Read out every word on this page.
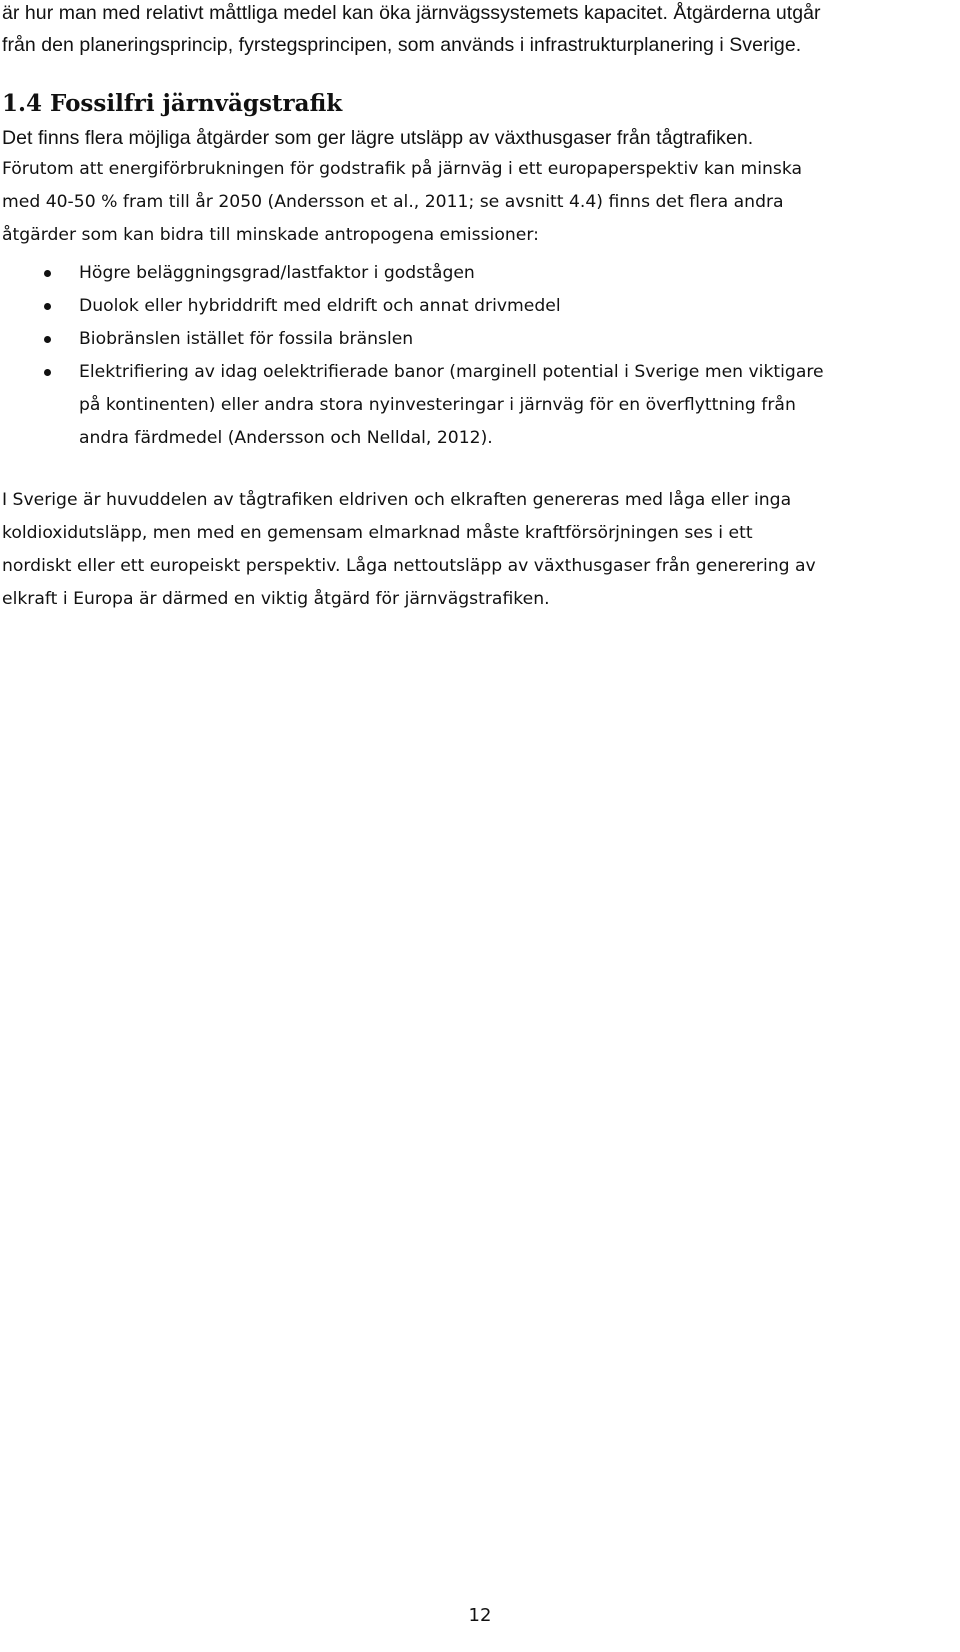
är hur man med relativt måttliga medel kan öka järnvägssystemets kapacitet. Åtgärderna utgår
från den planeringsprincip, fyrstegsprincipen, som används i infrastrukturplanering i Sverige.
1.4 Fossilfri järnvägstrafik
Det finns flera möjliga åtgärder som ger lägre utsläpp av växthusgaser från tågtrafiken.
Förutom att energiförbrukningen för godstrafik på järnväg i ett europaperspektiv kan minska
med 40-50 % fram till år 2050 (Andersson et al., 2011; se avsnitt 4.4) finns det flera andra
åtgärder som kan bidra till minskade antropogena emissioner:
Högre beläggningsgrad/lastfaktor i godstågen
Duolok eller hybriddrift med eldrift och annat drivmedel
Biobränslen istället för fossila bränslen
Elektrifiering av idag oelektrifierade banor (marginell potential i Sverige men viktigare
på kontinenten) eller andra stora nyinvesteringar i järnväg för en överflyttning från
andra färdmedel (Andersson och Nelldal, 2012).
I Sverige är huvuddelen av tågtrafiken eldriven och elkraften genereras med låga eller inga
koldioxidutsläpp, men med en gemensam elmarknad måste kraftförsörjningen ses i ett
nordiskt eller ett europeiskt perspektiv. Låga nettoutsläpp av växthusgaser från generering av
elkraft i Europa är därmed en viktig åtgärd för järnvägstrafiken.
12
